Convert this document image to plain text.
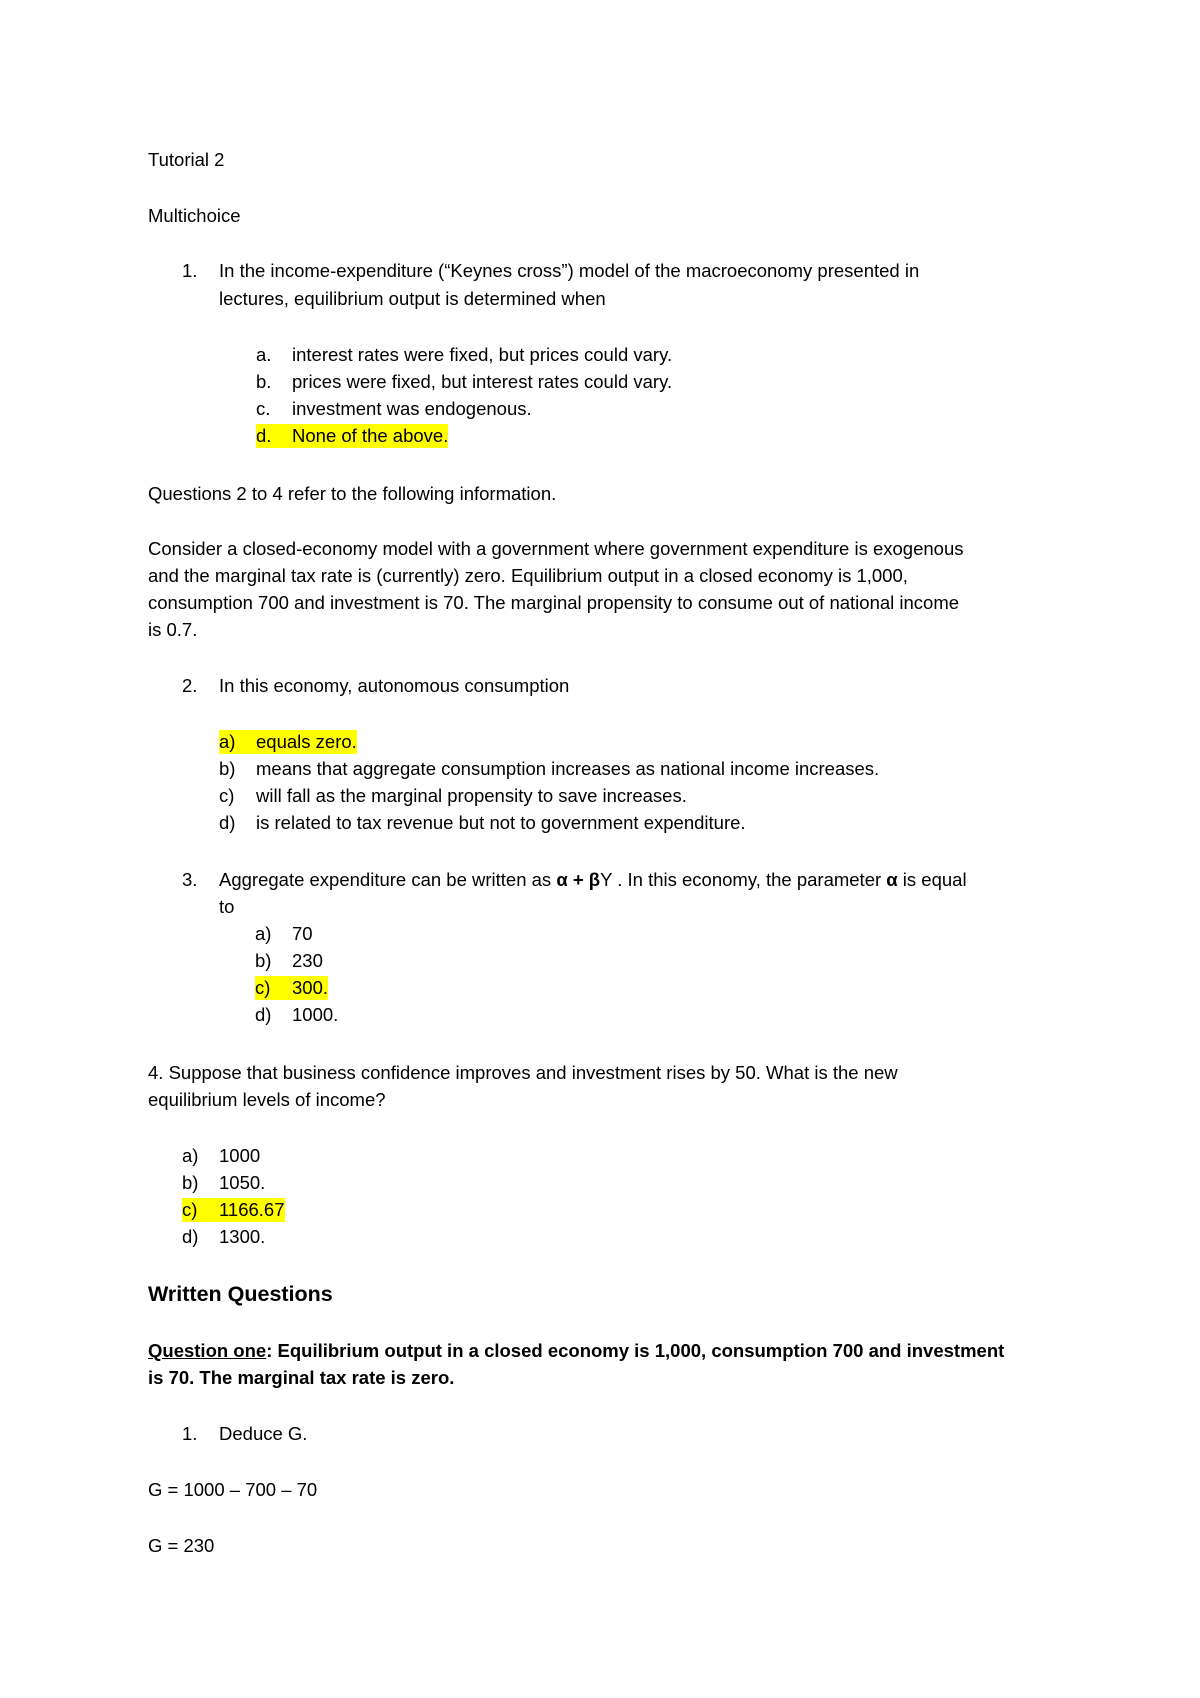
Tutorial 2
Multichoice
1. In the income-expenditure (“Keynes cross”) model of the macroeconomy presented in
lectures, equilibrium output is determined when
a. interest rates were fixed, but prices could vary.
b. prices were fixed, but interest rates could vary.
c. investment was endogenous.
d. None of the above.
Questions 2 to 4 refer to the following information.
Consider a closed-economy model with a government where government expenditure is exogenous
and the marginal tax rate is (currently) zero. Equilibrium output in a closed economy is 1,000,
consumption 700 and investment is 70. The marginal propensity to consume out of national income
is 0.7.
2. In this economy, autonomous consumption
a) equals zero.
b) means that aggregate consumption increases as national income increases.
c) will fall as the marginal propensity to save increases.
d) is related to tax revenue but not to government expenditure.
3. Aggregate expenditure can be written as α + βY . In this economy, the parameter α is equal
to
a) 70
b) 230
c) 300.
d) 1000.
4. Suppose that business confidence improves and investment rises by 50. What is the new
equilibrium levels of income?
a) 1000
b) 1050.
c) 1166.67
d) 1300.
Written Questions
Question one: Equilibrium output in a closed economy is 1,000, consumption 700 and investment
is 70. The marginal tax rate is zero.
1. Deduce G.
G = 1000 – 700 – 70
G = 230
